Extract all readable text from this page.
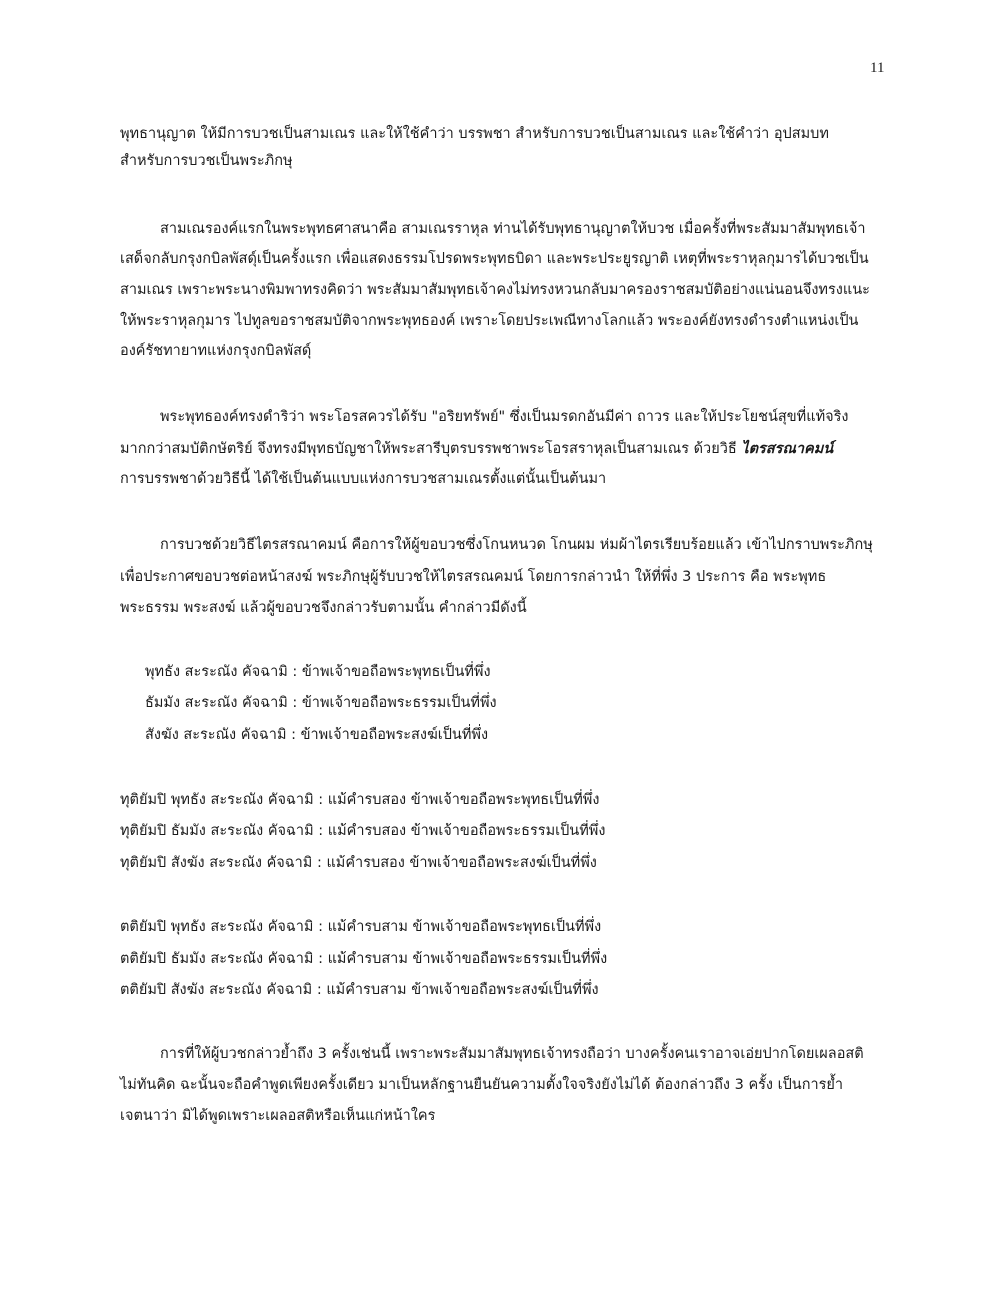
11
พุทธานุญาต ให้มีการบวชเป็นสามเณร และให้ใช้คำว่า บรรพชา สำหรับการบวชเป็นสามเณร และใช้คำว่า อุปสมบท
สำหรับการบวชเป็นพระภิกษุ
สามเณรองค์แรกในพระพุทธศาสนาคือ สามเณรราหุล ท่านได้รับพุทธานุญาตให้บวช เมื่อครั้งที่พระสัมมาสัมพุทธเจ้า
เสด็จกลับกรุงกบิลพัสดุ์เป็นครั้งแรก เพื่อแสดงธรรมโปรดพระพุทธบิดา และพระประยูรญาติ เหตุที่พระราหุลกุมารได้บวชเป็น
สามเณร เพราะพระนางพิมพาทรงคิดว่า พระสัมมาสัมพุทธเจ้าคงไม่ทรงหวนกลับมาครองราชสมบัติอย่างแน่นอนจึงทรงแนะ
ให้พระราหุลกุมาร ไปทูลขอราชสมบัติจากพระพุทธองค์ เพราะโดยประเพณีทางโลกแล้ว พระองค์ยังทรงดำรงตำแหน่งเป็น
องค์รัชทายาทแห่งกรุงกบิลพัสดุ์
พระพุทธองค์ทรงดำริว่า พระโอรสควรได้รับ "อริยทรัพย์" ซึ่งเป็นมรดกอันมีค่า ถาวร และให้ประโยชน์สุขที่แท้จริง
มากกว่าสมบัติกษัตริย์ จึงทรงมีพุทธบัญชาให้พระสารีบุตรบรรพชาพระโอรสราหุลเป็นสามเณร ด้วยวิธี ไตรสรณาคมน์
การบรรพชาด้วยวิธีนี้ ได้ใช้เป็นต้นแบบแห่งการบวชสามเณรตั้งแต่นั้นเป็นต้นมา
การบวชด้วยวิธีไตรสรณาคมน์ คือการให้ผู้ขอบวชซึ่งโกนหนวด โกนผม ห่มผ้าไตรเรียบร้อยแล้ว เข้าไปกราบพระภิกษุ
เพื่อประกาศขอบวชต่อหน้าสงฆ์ พระภิกษุผู้รับบวชให้ไตรสรณคมน์ โดยการกล่าวนำ ให้ที่พึ่ง 3 ประการ คือ พระพุทธ
พระธรรม พระสงฆ์ แล้วผู้ขอบวชจึงกล่าวรับตามนั้น คำกล่าวมีดังนี้
พุทธัง สะระณัง คัจฉามิ : ข้าพเจ้าขอถือพระพุทธเป็นที่พึ่ง
ธัมมัง สะระณัง คัจฉามิ : ข้าพเจ้าขอถือพระธรรมเป็นที่พึ่ง
สังฆัง สะระณัง คัจฉามิ : ข้าพเจ้าขอถือพระสงฆ์เป็นที่พึ่ง
ทุติยัมปิ พุทธัง สะระณัง คัจฉามิ : แม้คำรบสอง ข้าพเจ้าขอถือพระพุทธเป็นที่พึ่ง
ทุติยัมปิ ธัมมัง สะระณัง คัจฉามิ : แม้คำรบสอง ข้าพเจ้าขอถือพระธรรมเป็นที่พึ่ง
ทุติยัมปิ สังฆัง สะระณัง คัจฉามิ : แม้คำรบสอง ข้าพเจ้าขอถือพระสงฆ์เป็นที่พึ่ง
ตติยัมปิ พุทธัง สะระณัง คัจฉามิ : แม้คำรบสาม ข้าพเจ้าขอถือพระพุทธเป็นที่พึ่ง
ตติยัมปิ ธัมมัง สะระณัง คัจฉามิ : แม้คำรบสาม ข้าพเจ้าขอถือพระธรรมเป็นที่พึ่ง
ตติยัมปิ สังฆัง สะระณัง คัจฉามิ : แม้คำรบสาม ข้าพเจ้าขอถือพระสงฆ์เป็นที่พึ่ง
การที่ให้ผู้บวชกล่าวย้ำถึง 3 ครั้งเช่นนี้ เพราะพระสัมมาสัมพุทธเจ้าทรงถือว่า บางครั้งคนเราอาจเอ่ยปากโดยเผลอสติ
ไม่ทันคิด ฉะนั้นจะถือคำพูดเพียงครั้งเดียว มาเป็นหลักฐานยืนยันความตั้งใจจริงยังไม่ได้ ต้องกล่าวถึง 3 ครั้ง เป็นการย้ำ
เจตนาว่า มิได้พูดเพราะเผลอสติหรือเห็นแก่หน้าใคร
